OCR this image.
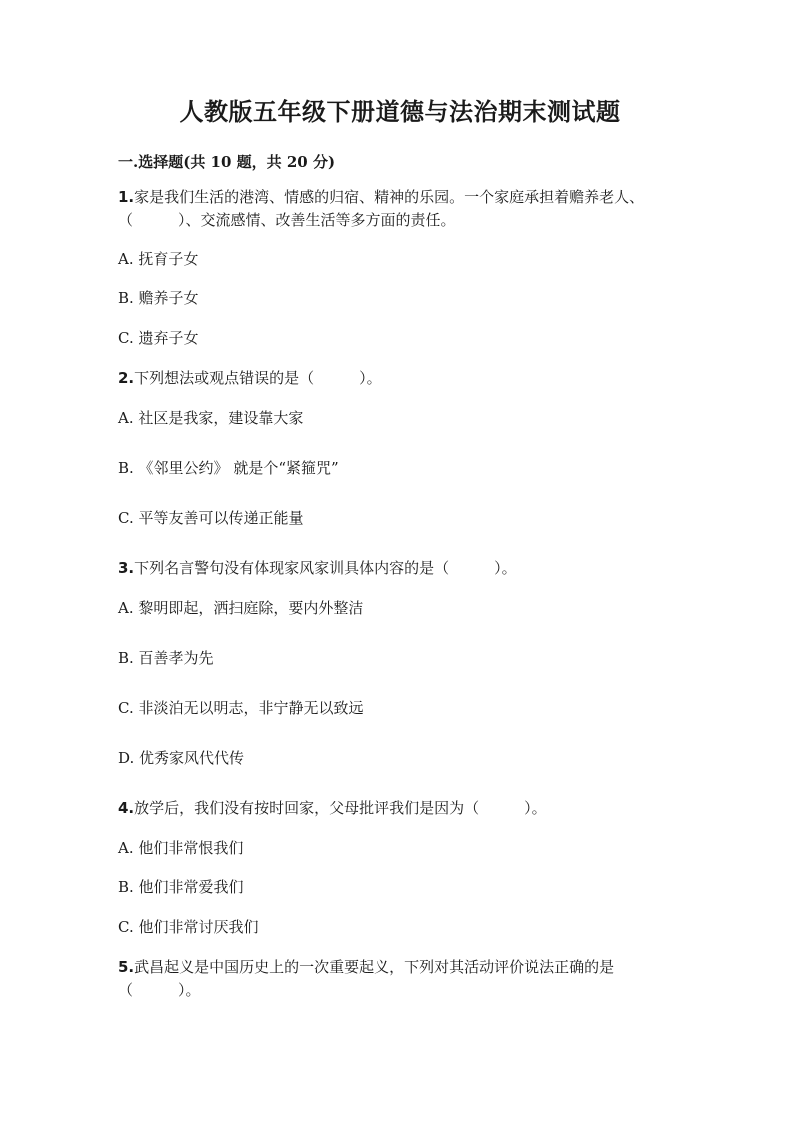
人教版五年级下册道德与法治期末测试题
一.选择题(共 10 题，共 20 分)
1.家是我们生活的港湾、情感的归宿、精神的乐园。一个家庭承担着赡养老人、
（　　　）、交流感情、改善生活等多方面的责任。
A. 抚育子女
B. 赡养子女
C. 遗弃子女
2.下列想法或观点错误的是（　　　）。
A. 社区是我家，建设靠大家
B. 《邻里公约》 就是个“紧箍咒”
C. 平等友善可以传递正能量
3.下列名言警句没有体现家风家训具体内容的是（　　　）。
A. 黎明即起，洒扫庭除，要内外整洁
B. 百善孝为先
C. 非淡泊无以明志，非宁静无以致远
D. 优秀家风代代传
4.放学后，我们没有按时回家，父母批评我们是因为（　　　）。
A. 他们非常恨我们
B. 他们非常爱我们
C. 他们非常讨厌我们
5.武昌起义是中国历史上的一次重要起义，下列对其活动评价说法正确的是
（　　　）。
